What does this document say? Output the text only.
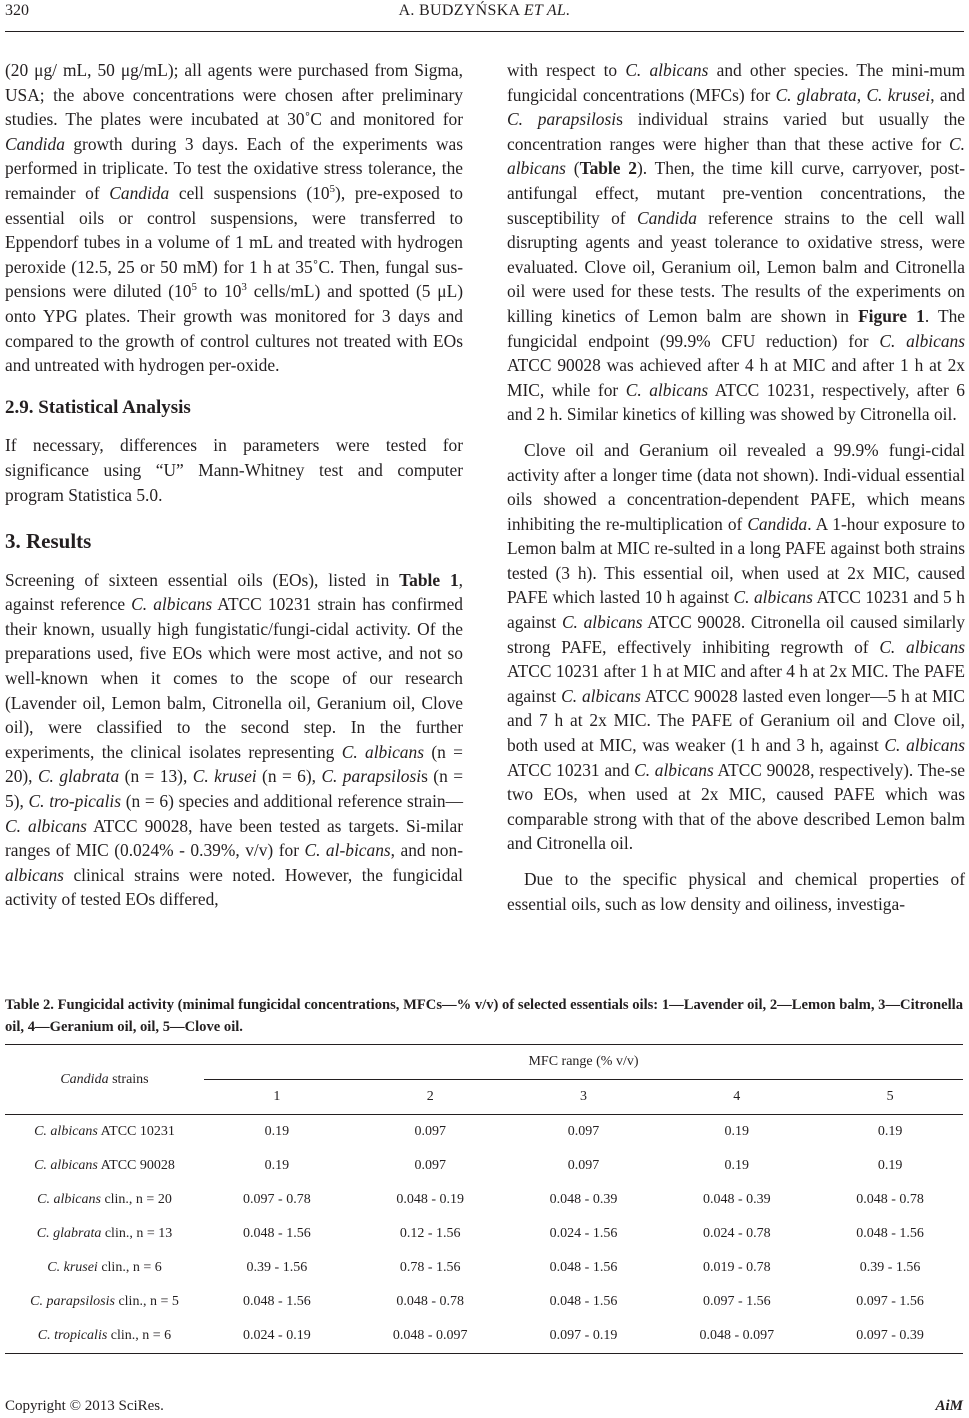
320	A. BUDZYŃSKA ET AL.

(20 μg/ mL, 50 μg/mL); all agents were purchased from Sigma, USA; the above concentrations were chosen after preliminary studies. The plates were incubated at 30˚C and monitored for Candida growth during 3 days. Each of the experiments was performed in triplicate. To test the oxidative stress tolerance, the remainder of Candida cell suspensions $(10^5)$, pre-exposed to essential oils or control suspensions, were transferred to Eppendorf tubes in a volume of 1 mL and treated with hydrogen peroxide (12.5, 25 or 50 mM) for 1 h at 35˚C. Then, fungal sus-pensions were diluted ($10^5$ to $10^3$ cells/mL) and spotted (5 μL) onto YPG plates. Their growth was monitored for 3 days and compared to the growth of control cultures not treated with EOs and untreated with hydrogen per-oxide.

2.9. Statistical Analysis

If necessary, differences in parameters were tested for significance using “U” Mann-Whitney test and computer program Statistica 5.0.

3. Results

Screening of sixteen essential oils (EOs), listed in Table 1, against reference C. albicans ATCC 10231 strain has confirmed their known, usually high fungistatic/fungi-cidal activity. Of the preparations used, five EOs which were most active, and not so well-known when it comes to the scope of our research (Lavender oil, Lemon balm, Citronella oil, Geranium oil, Clove oil), were classified to the second step. In the further experiments, the clinical isolates representing C. albicans (n = 20), C. glabrata (n = 13), C. krusei (n = 6), C. parapsilosis (n = 5), C. tro-picalis (n = 6) species and additional reference strain—C. albicans ATCC 90028, have been tested as targets. Si-milar ranges of MIC (0.024% - 0.39%, v/v) for C. al-bicans, and non-albicans clinical strains were noted. However, the fungicidal activity of tested EOs differed,

with respect to C. albicans and other species. The mini-mum fungicidal concentrations (MFCs) for C. glabrata, C. krusei, and C. parapsilosis individual strains varied but usually the concentration ranges were higher than that these active for C. albicans (Table 2). Then, the time kill curve, carryover, post-antifungal effect, mutant pre-vention concentrations, the susceptibility of Candida reference strains to the cell wall disrupting agents and yeast tolerance to oxidative stress, were evaluated. Clove oil, Geranium oil, Lemon balm and Citronella oil were used for these tests. The results of the experiments on killing kinetics of Lemon balm are shown in Figure 1. The fungicidal endpoint (99.9% CFU reduction) for C. albicans ATCC 90028 was achieved after 4 h at MIC and after 1 h at 2x MIC, while for C. albicans ATCC 10231, respectively, after 6 and 2 h. Similar kinetics of killing was showed by Citronella oil.

Clove oil and Geranium oil revealed a 99.9% fungi-cidal activity after a longer time (data not shown). Indi-vidual essential oils showed a concentration-dependent PAFE, which means inhibiting the re-multiplication of Candida. A 1-hour exposure to Lemon balm at MIC re-sulted in a long PAFE against both strains tested (3 h). This essential oil, when used at 2x MIC, caused PAFE which lasted 10 h against C. albicans ATCC 10231 and 5 h against C. albicans ATCC 90028. Citronella oil caused similarly strong PAFE, effectively inhibiting regrowth of C. albicans ATCC 10231 after 1 h at MIC and after 4 h at 2x MIC. The PAFE against C. albicans ATCC 90028 lasted even longer—5 h at MIC and 7 h at 2x MIC. The PAFE of Geranium oil and Clove oil, both used at MIC, was weaker (1 h and 3 h, against C. albicans ATCC 10231 and C. albicans ATCC 90028, respectively). The-se two EOs, when used at 2x MIC, caused PAFE which was comparable strong with that of the above described Lemon balm and Citronella oil.

Due to the specific physical and chemical properties of essential oils, such as low density and oiliness, investiga-

Table 2. Fungicidal activity (minimal fungicidal concentrations, MFCs—% v/v) of selected essentials oils: 1—Lavender oil, 2—Lemon balm, 3—Citronella oil, 4—Geranium oil, oil, 5—Clove oil.
Candida strains	MFC range (% v/v)				
	1	2	3	4	5
C. albicans ATCC 10231	0.19	0.097	0.097	0.19	0.19
C. albicans ATCC 90028	0.19	0.097	0.097	0.19	0.19
C. albicans clin., n = 20	0.097 - 0.78	0.048 - 0.19	0.048 - 0.39	0.048 - 0.39	0.048 - 0.78
C. glabrata clin., n = 13	0.048 - 1.56	0.12 - 1.56	0.024 - 1.56	0.024 - 0.78	0.048 - 1.56
C. krusei clin., n = 6	0.39 - 1.56	0.78 - 1.56	0.048 - 1.56	0.019 - 0.78	0.39 - 1.56
C. parapsilosis clin., n = 5	0.048 - 1.56	0.048 - 0.78	0.048 - 1.56	0.097 - 1.56	0.097 - 1.56
C. tropicalis clin., n = 6	0.024 - 0.19	0.048 - 0.097	0.097 - 0.19	0.048 - 0.097	0.097 - 0.39
Copyright © 2013 SciRes.	AiM
